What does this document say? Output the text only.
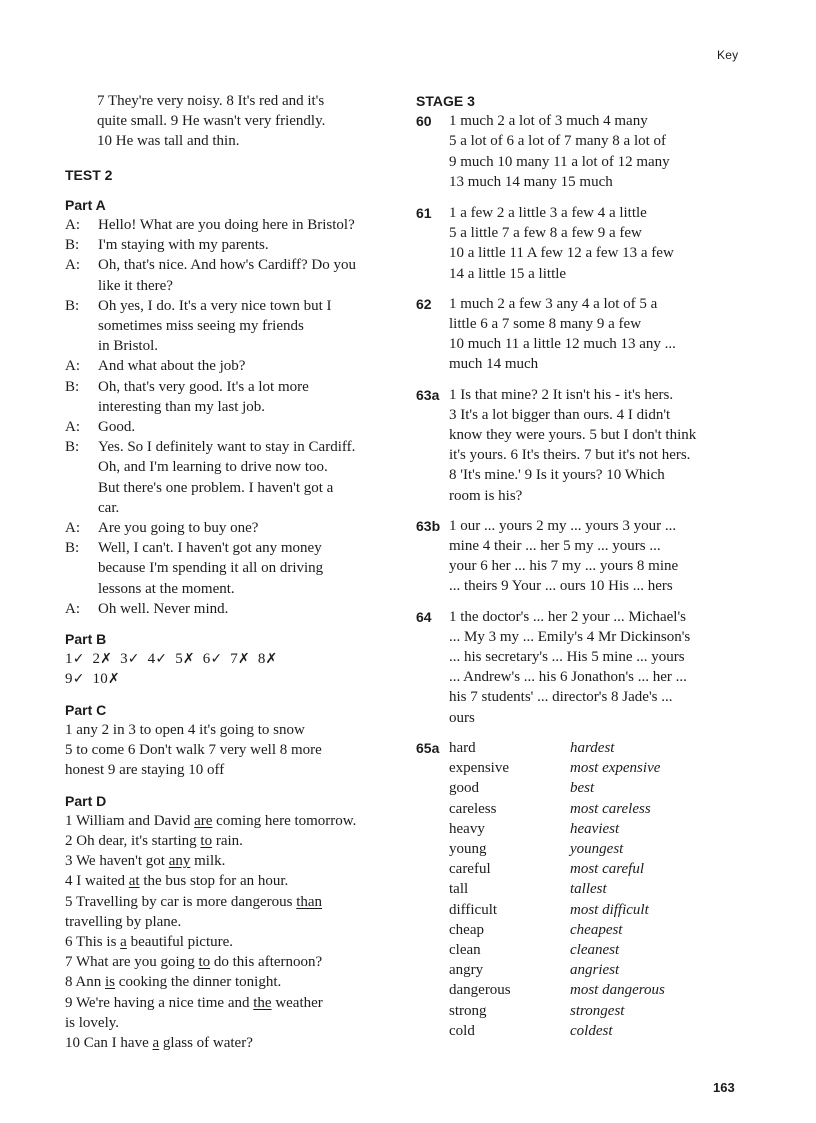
Key
7 They're very noisy. 8 It's red and it's
quite small. 9 He wasn't very friendly.
10 He was tall and thin.
TEST 2
Part A
A:	Hello! What are you doing here in Bristol?
B:	I'm staying with my parents.
A:	Oh, that's nice. And how's Cardiff? Do you
like it there?
B:	Oh yes, I do. It's a very nice town but I
sometimes miss seeing my friends
in Bristol.
A:	And what about the job?
B:	Oh, that's very good. It's a lot more
interesting than my last job.
A:	Good.
B:	Yes. So I definitely want to stay in Cardiff.
Oh, and I'm learning to drive now too.
But there's one problem. I haven't got a
car.
A:	Are you going to buy one?
B:	Well, I can't. I haven't got any money
because I'm spending it all on driving
lessons at the moment.
A:	Oh well. Never mind.
Part B
1✓ 2✗ 3✓ 4✓ 5✗ 6✓ 7✗ 8✗
9✓ 10✗
Part C
1 any 2 in 3 to open 4 it's going to snow
5 to come 6 Don't walk 7 very well 8 more
honest 9 are staying 10 off
Part D
1 William and David are coming here tomorrow.
2 Oh dear, it's starting to rain.
3 We haven't got any milk.
4 I waited at the bus stop for an hour.
5 Travelling by car is more dangerous than
travelling by plane.
6 This is a beautiful picture.
7 What are you going to do this afternoon?
8 Ann is cooking the dinner tonight.
9 We're having a nice time and the weather
is lovely.
10 Can I have a glass of water?
STAGE 3
60	1 much 2 a lot of 3 much 4 many
5 a lot of 6 a lot of 7 many 8 a lot of
9 much 10 many 11 a lot of 12 many
13 much 14 many 15 much
61	1 a few 2 a little 3 a few 4 a little
5 a little 7 a few 8 a few 9 a few
10 a little 11 A few 12 a few 13 a few
14 a little 15 a little
62	1 much 2 a few 3 any 4 a lot of 5 a
little 6 a 7 some 8 many 9 a few
10 much 11 a little 12 much 13 any ...
much 14 much
63a 1 Is that mine? 2 It isn't his - it's hers.
3 It's a lot bigger than ours. 4 I didn't
know they were yours. 5 but I don't think
it's yours. 6 It's theirs. 7 but it's not hers.
8 'It's mine.' 9 Is it yours? 10 Which
room is his?
63b 1 our ... yours 2 my ... yours 3 your ...
mine 4 their ... her 5 my ... yours ...
your 6 her ... his 7 my ... yours 8 mine
... theirs 9 Your ... ours 10 His ... hers
64	1 the doctor's ... her 2 your ... Michael's
... My 3 my ... Emily's 4 Mr Dickinson's
... his secretary's ... His 5 mine ... yours
... Andrew's ... his 6 Jonathon's ... her ...
his 7 students' ... director's 8 Jade's ...
ours
65a hard	hardest
expensive	most expensive
good	best
careless	most careless
heavy	heaviest
young	youngest
careful	most careful
tall	tallest
difficult	most difficult
cheap	cheapest
clean	cleanest
angry	angriest
dangerous	most dangerous
strong	strongest
cold	coldest
163
